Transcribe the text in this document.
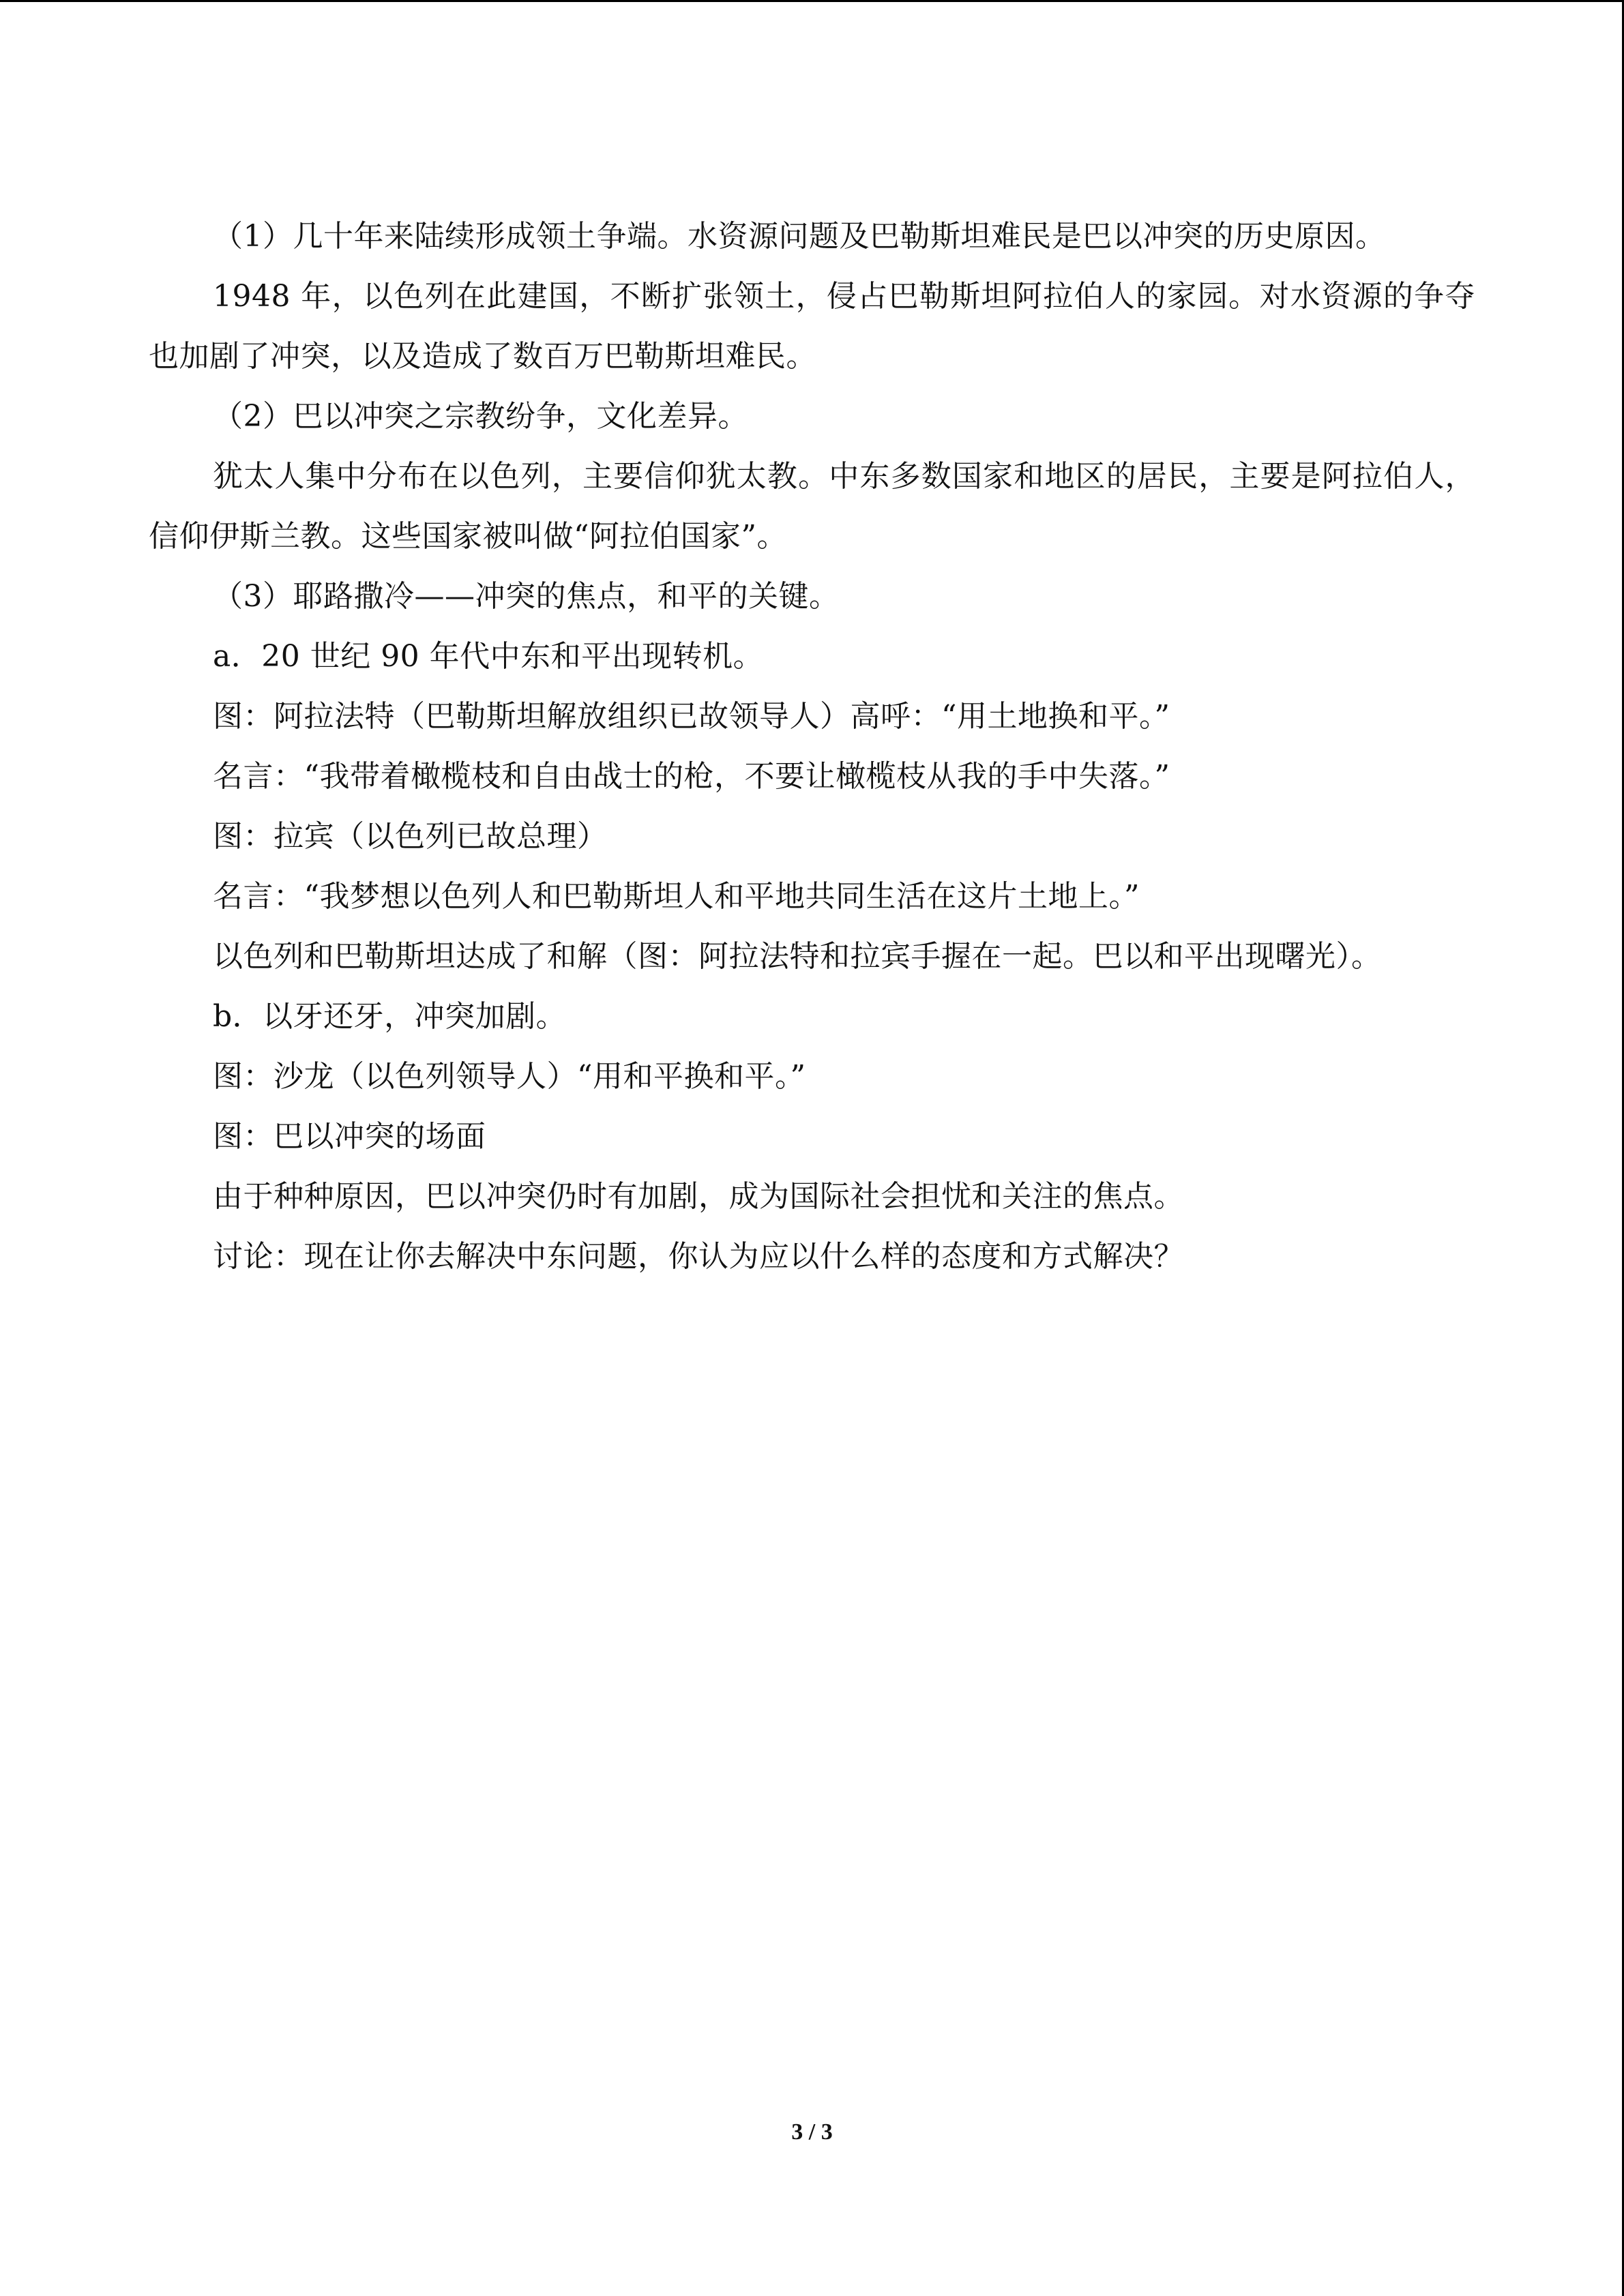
（1）几十年来陆续形成领土争端。水资源问题及巴勒斯坦难民是巴以冲突的历史原因。

1948 年，以色列在此建国，不断扩张领土，侵占巴勒斯坦阿拉伯人的家园。对水资源的争夺也加剧了冲突，以及造成了数百万巴勒斯坦难民。

（2）巴以冲突之宗教纷争，文化差异。

犹太人集中分布在以色列，主要信仰犹太教。中东多数国家和地区的居民，主要是阿拉伯人，信仰伊斯兰教。这些国家被叫做“阿拉伯国家”。

（3）耶路撒冷——冲突的焦点，和平的关键。

a．20 世纪 90 年代中东和平出现转机。

图：阿拉法特（巴勒斯坦解放组织已故领导人）高呼：“用土地换和平。”

名言：“我带着橄榄枝和自由战士的枪，不要让橄榄枝从我的手中失落。”

图：拉宾（以色列已故总理）

名言：“我梦想以色列人和巴勒斯坦人和平地共同生活在这片土地上。”

以色列和巴勒斯坦达成了和解（图：阿拉法特和拉宾手握在一起。巴以和平出现曙光）。

b．以牙还牙，冲突加剧。

图：沙龙（以色列领导人）“用和平换和平。”

图：巴以冲突的场面

由于种种原因，巴以冲突仍时有加剧，成为国际社会担忧和关注的焦点。

讨论：现在让你去解决中东问题，你认为应以什么样的态度和方式解决？

3 / 3
